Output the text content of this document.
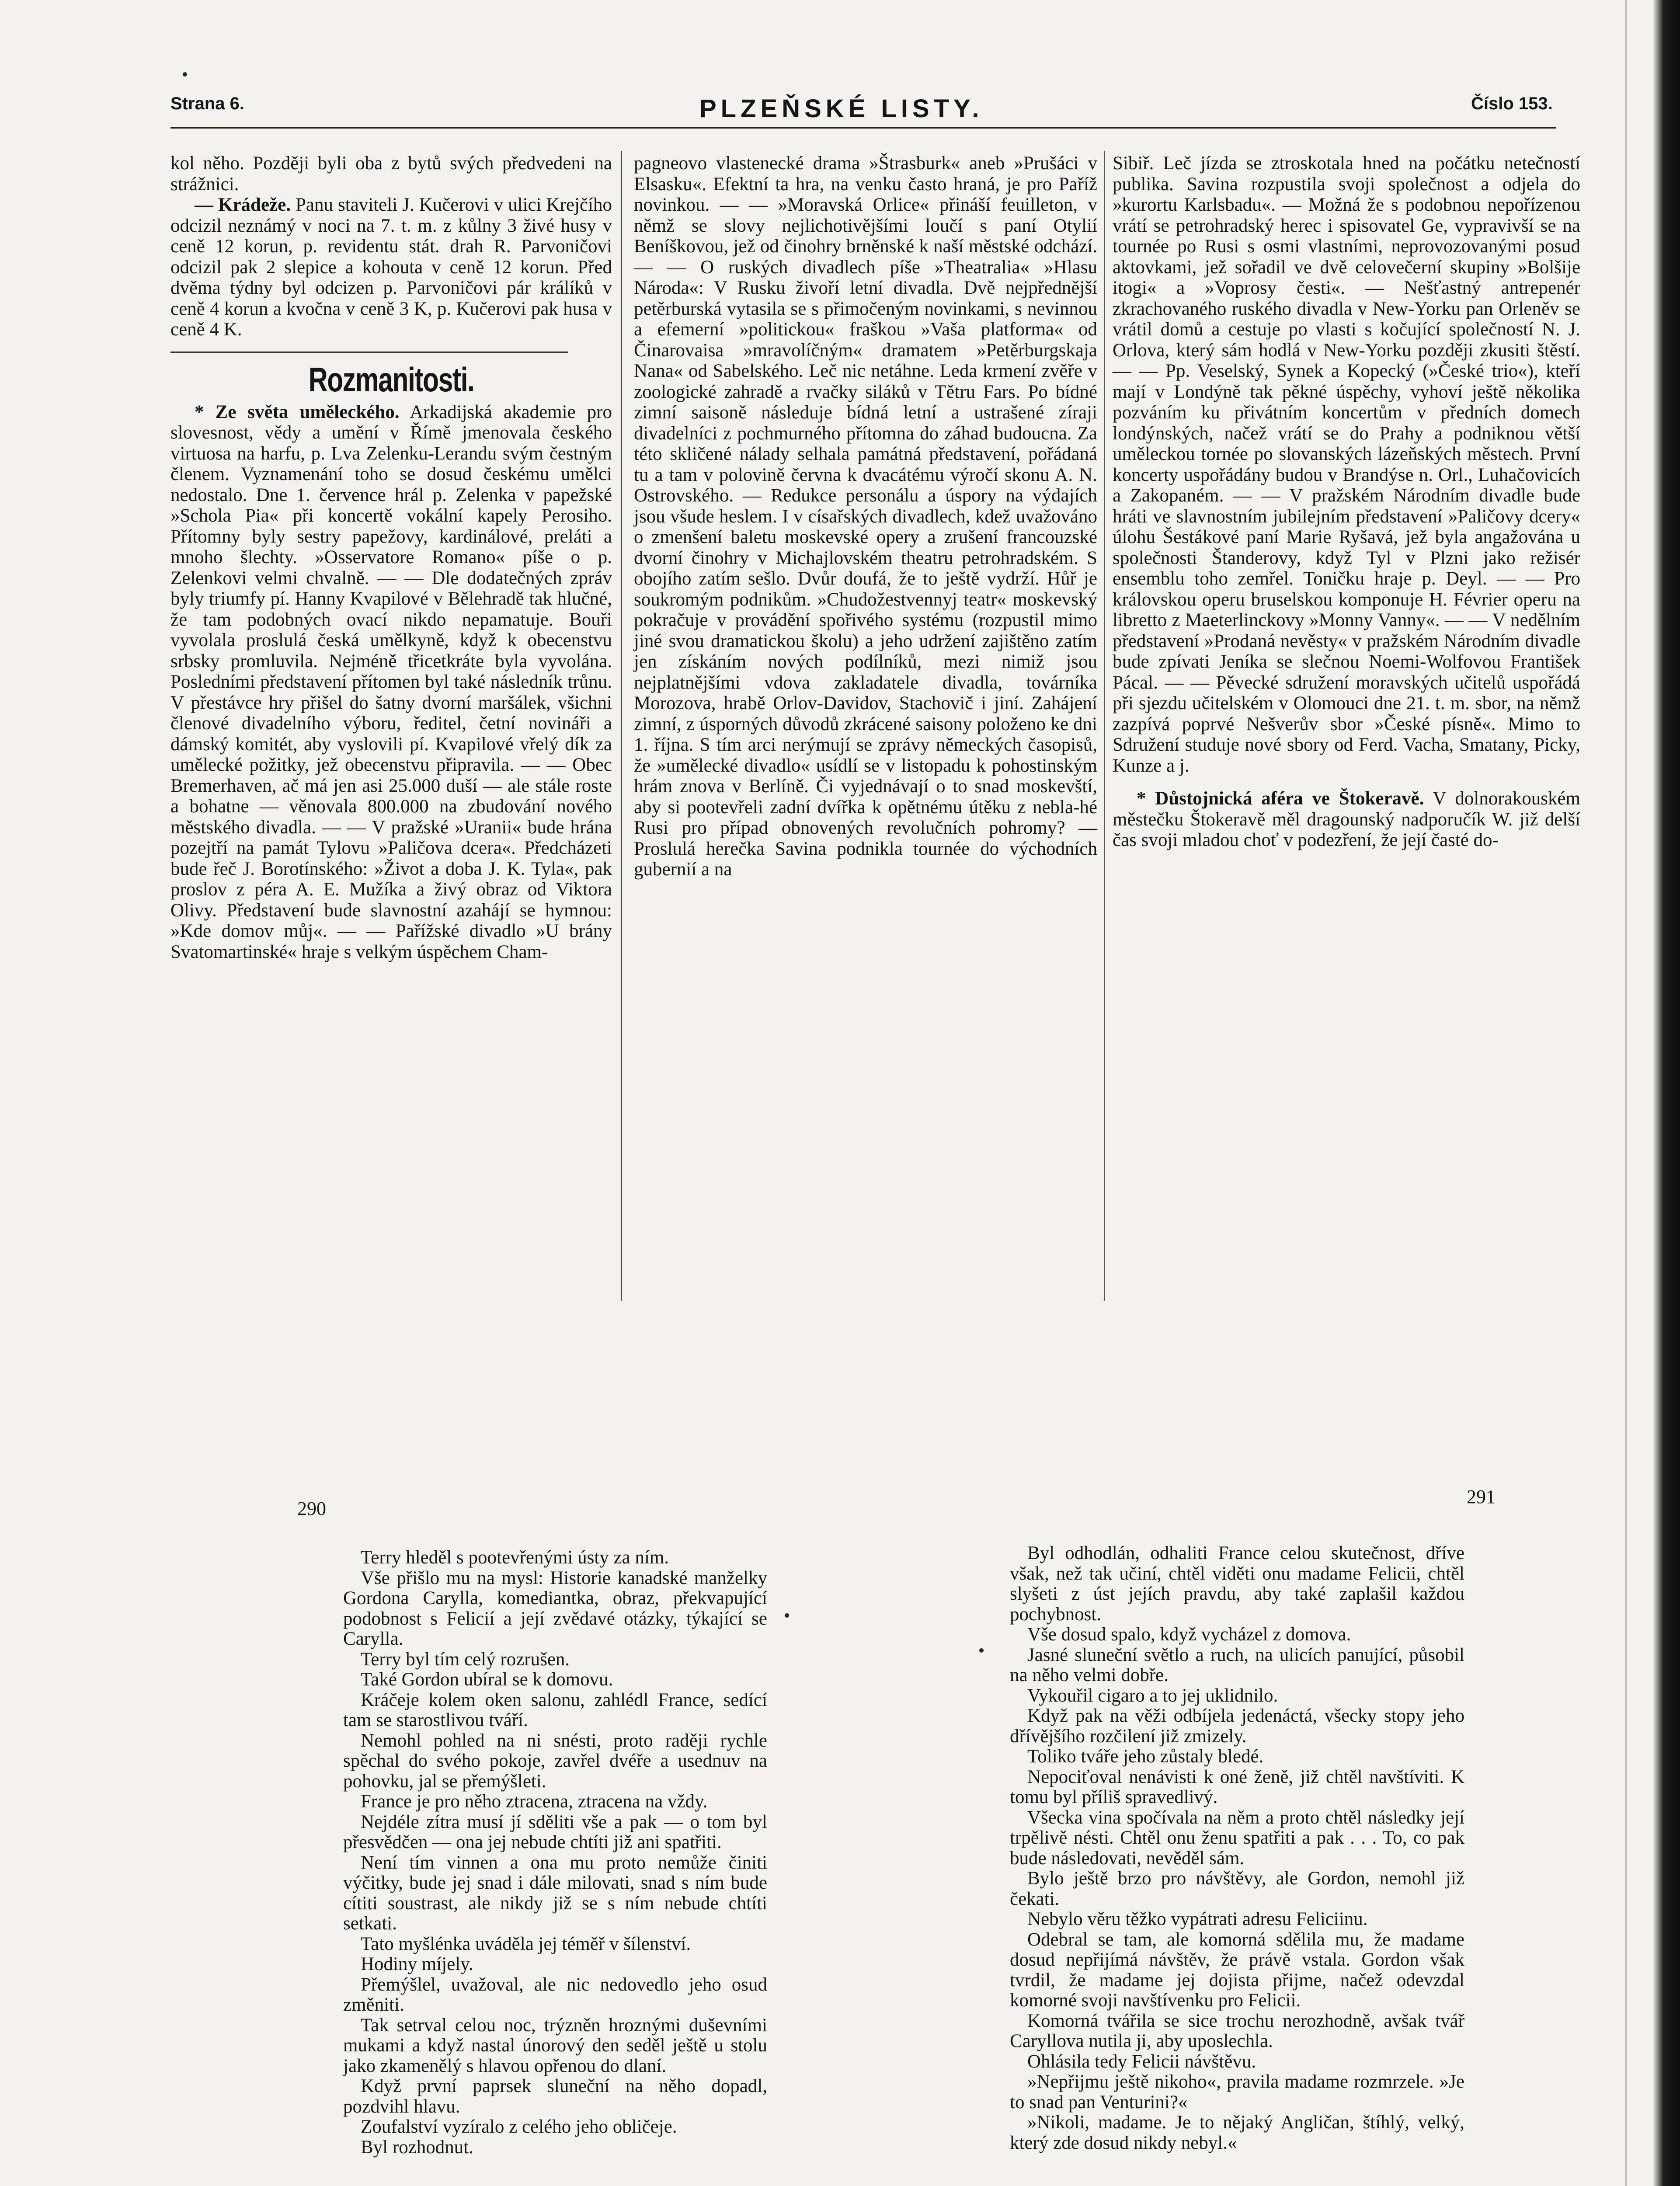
Strana 6.	PLZEŇSKÉ LISTY.	Číslo 153.

kol něho. Později byli oba z bytů svých předvedeni na strážnici.

— Krádeže. Panu staviteli J. Kučerovi v ulici Krejčího odcizil neznámý v noci na 7. t. m. z kůlny 3 živé husy v ceně 12 korun, p. revidentu stát. drah R. Parvoničovi odcizil pak 2 slepice a kohouta v ceně 12 korun. Před dvěma týdny byl odcizen p. Parvoničovi pár králíků v ceně 4 korun a kvočna v ceně 3 K, p. Kučerovi pak husa v ceně 4 K.

Rozmanitosti.

* Ze světa uměleckého. Arkadijská akademie pro slovesnost, vědy a umění v Římě jmenovala českého virtuosa na harfu, p. Lva Zelenku-Lerandu svým čestným členem. Vyznamenání toho se dosud českému umělci nedostalo. Dne 1. července hrál p. Zelenka v papežské »Schola Pia« při koncertě vokální kapely Perosiho. Přítomny byly sestry papežovy, kardinálové, preláti a mnoho šlechty. »Osservatore Romano« píše o p. Zelenkovi velmi chvalně. — — Dle dodatečných zpráv byly triumfy pí. Hanny Kvapilové v Bělehradě tak hlučné, že tam podobných ovací nikdo nepamatuje. Bouři vyvolala proslulá česká umělkyně, když k obecenstvu srbsky promluvila. Nejméně třicetkráte byla vyvolána. Posledními představení přítomen byl také následník trůnu. V přestávce hry přišel do šatny dvorní maršálek, všichni členové divadelního výboru, ředitel, četní novináři a dámský komitét, aby vyslovili pí. Kvapilové vřelý dík za umělecké požitky, jež obecenstvu připravila. — — Obec Bremerhaven, ač má jen asi 25.000 duší — ale stále roste a bohatne — věnovala 800.000 na zbudování nového městského divadla. — — V pražské »Uranii« bude hrána pozejtří na památ Tylovu »Paličova dcera«. Předcházeti bude řeč J. Borotínského: »Život a doba J. K. Tyla«, pak proslov z péra A. E. Mužíka a živý obraz od Viktora Olivy. Představení bude slavnostní azahájí se hymnou: »Kde domov můj«. — — Pařížské divadlo »U brány Svatomartinské« hraje s velkým úspěchem Cham-

pagneovo vlastenecké drama »Štrasburk« aneb »Prušáci v Elsasku«. Efektní ta hra, na venku často hraná, je pro Paříž novinkou. — — »Moravská Orlice« přináší feuilleton, v němž se slovy nejlichotivějšími loučí s paní Otylií Beníškovou, jež od činohry brněnské k naší městské odchází. — — O ruských divadlech píše »Theatralia« »Hlasu Národa«: V Rusku živoří letní divadla. Dvě nejpřednější petěrburská vytasila se s přimočeným novinkami, s nevinnou a efemerní »politickou« fraškou »Vaša platforma« od Činarovaisa »mravolíčným« dramatem »Petěrburgskaja Nana« od Sabelského. Leč nic netáhne. Leda krmení zvěře v zoologické zahradě a rvačky siláků v Tětru Fars. Po bídné zimní saisoně následuje bídná letní a ustrašené zíraji divadelníci z pochmurného přítomna do záhad budoucna. Za této skličené nálady selhala památná představení, pořádaná tu a tam v polovině června k dvacátému výročí skonu A. N. Ostrovského. — Redukce personálu a úspory na výdajích jsou všude heslem. I v císařských divadlech, kdež uvažováno o zmenšení baletu moskevské opery a zrušení francouzské dvorní činohry v Michajlovském theatru petrohradském. S obojího zatím sešlo. Dvůr doufá, že to ještě vydrží. Hůř je soukromým podnikům. »Chudožestvennyj teatr« moskevský pokračuje v provádění spořivého systému (rozpustil mimo jiné svou dramatickou školu) a jeho udržení zajištěno zatím jen získáním nových podílníků, mezi nimiž jsou nejplatnějšími vdova zakladatele divadla, továrníka Morozova, hrabě Orlov-Davidov, Stachovič i jiní. Zahájení zimní, z úsporných důvodů zkrácené saisony položeno ke dni 1. října. S tím arci nerýmují se zprávy německých časopisů, že »umělecké divadlo« usídlí se v listopadu k pohostinským hrám znova v Berlíně. Či vyjednávají o to snad moskevští, aby si pootevřeli zadní dvířka k opětnému útěku z nebla-hé Rusi pro případ obnovených revolučních pohromy? — Proslulá herečka Savina podnikla tournée do východních gubernií a na

Sibiř. Leč jízda se ztroskotala hned na počátku netečností publika. Savina rozpustila svoji společnost a odjela do »kurortu Karlsbadu«. — Možná že s podobnou nepořízenou vrátí se petrohradský herec i spisovatel Ge, vypravivší se na tournée po Rusi s osmi vlastními, neprovozovanými posud aktovkami, jež sořadil ve dvě celovečerní skupiny »Bolšije itogi« a »Voprosy česti«. — Nešťastný antrepenér zkrachovaného ruského divadla v New-Yorku pan Orleněv se vrátil domů a cestuje po vlasti s kočující společností N. J. Orlova, který sám hodlá v New-Yorku později zkusiti štěstí. — — Pp. Veselský, Synek a Kopecký (»České trio«), kteří mají v Londýně tak pěkné úspěchy, vyhoví ještě několika pozváním ku přivátním koncertům v předních domech londýnských, načež vrátí se do Prahy a podniknou větší uměleckou tornée po slovanských lázeňských městech. První koncerty uspořádány budou v Brandýse n. Orl., Luhačovicích a Zakopaném. — — V pražském Národním divadle bude hráti ve slavnostním jubilejním představení »Paličovy dcery« úlohu Šestákové paní Marie Ryšavá, jež byla angažována u společnosti Štanderovy, když Tyl v Plzni jako režisér ensemblu toho zemřel. Toničku hraje p. Deyl. — — Pro královskou operu bruselskou komponuje H. Février operu na libretto z Maeterlinckovy »Monny Vanny«. — — V nedělním představení »Prodaná nevěsty« v pražském Národním divadle bude zpívati Jeníka se slečnou Noemi-Wolfovou František Pácal. — — Pěvecké sdružení moravských učitelů uspořádá při sjezdu učitelském v Olomouci dne 21. t. m. sbor, na němž zazpívá poprvé Nešverův sbor »České písně«. Mimo to Sdružení studuje nové sbory od Ferd. Vacha, Smatany, Picky, Kunze a j.

* Důstojnická aféra ve Štokeravě. V dolnorakouském městečku Štokeravě měl dragounský nadporučík W. již delší čas svoji mladou choť v podezření, že její časté do-

290
291

Terry hleděl s pootevřenými ústy za ním.

Vše přišlo mu na mysl: Historie kanadské manželky Gordona Carylla, komediantka, obraz, překvapující podobnost s Felicií a její zvědavé otázky, týkající se Carylla.

Terry byl tím celý rozrušen.

Také Gordon ubíral se k domovu.

Kráčeje kolem oken salonu, zahlédl France, sedící tam se starostlivou tváří.

Nemohl pohled na ni snésti, proto raději rychle spěchal do svého pokoje, zavřel dvéře a usednuv na pohovku, jal se přemýšleti.

France je pro něho ztracena, ztracena na vždy.

Nejdéle zítra musí jí sděliti vše a pak — o tom byl přesvědčen — ona jej nebude chtíti již ani spatřiti.

Není tím vinnen a ona mu proto nemůže činiti výčitky, bude jej snad i dále milovati, snad s ním bude cítiti soustrast, ale nikdy již se s ním nebude chtíti setkati.

Tato myšlénka uváděla jej téměř v šílenství.

Hodiny míjely.

Přemýšlel, uvažoval, ale nic nedovedlo jeho osud změniti.

Tak setrval celou noc, trýzněn hroznými duševními mukami a když nastal únorový den seděl ještě u stolu jako zkamenělý s hlavou opřenou do dlaní.

Když první paprsek sluneční na něho dopadl, pozdvihl hlavu.

Zoufalství vyzíralo z celého jeho obličeje.

Byl rozhodnut.

Byl odhodlán, odhaliti France celou skutečnost, dříve však, než tak učiní, chtěl viděti onu madame Felicii, chtěl slyšeti z úst jejích pravdu, aby také zaplašil každou pochybnost.

Vše dosud spalo, když vycházel z domova.

Jasné sluneční světlo a ruch, na ulicích panující, působil na něho velmi dobře.

Vykouřil cigaro a to jej uklidnilo.

Když pak na věži odbíjela jedenáctá, všecky stopy jeho dřívějšího rozčilení již zmizely.

Toliko tváře jeho zůstaly bledé.

Nepociťoval nenávisti k oné ženě, již chtěl navštíviti. K tomu byl příliš spravedlivý.

Všecka vina spočívala na něm a proto chtěl následky její trpělivě nésti. Chtěl onu ženu spatřiti a pak . . . To, co pak bude následovati, nevěděl sám.

Bylo ještě brzo pro návštěvy, ale Gordon, nemohl již čekati.

Nebylo věru těžko vypátrati adresu Feliciinu.

Odebral se tam, ale komorná sdělila mu, že madame dosud nepřijímá návštěv, že právě vstala. Gordon však tvrdil, že madame jej dojista přijme, načež odevzdal komorné svoji navštívenku pro Felicii.

Komorná tvářila se sice trochu nerozhodně, avšak tvář Caryllova nutila ji, aby uposlechla.

Ohlásila tedy Felicii návštěvu.

»Nepřijmu ještě nikoho«, pravila madame rozmrzele. »Je to snad pan Venturini?«

»Nikoli, madame. Je to nějaký Angličan, štíhlý, velký, který zde dosud nikdy nebyl.«
